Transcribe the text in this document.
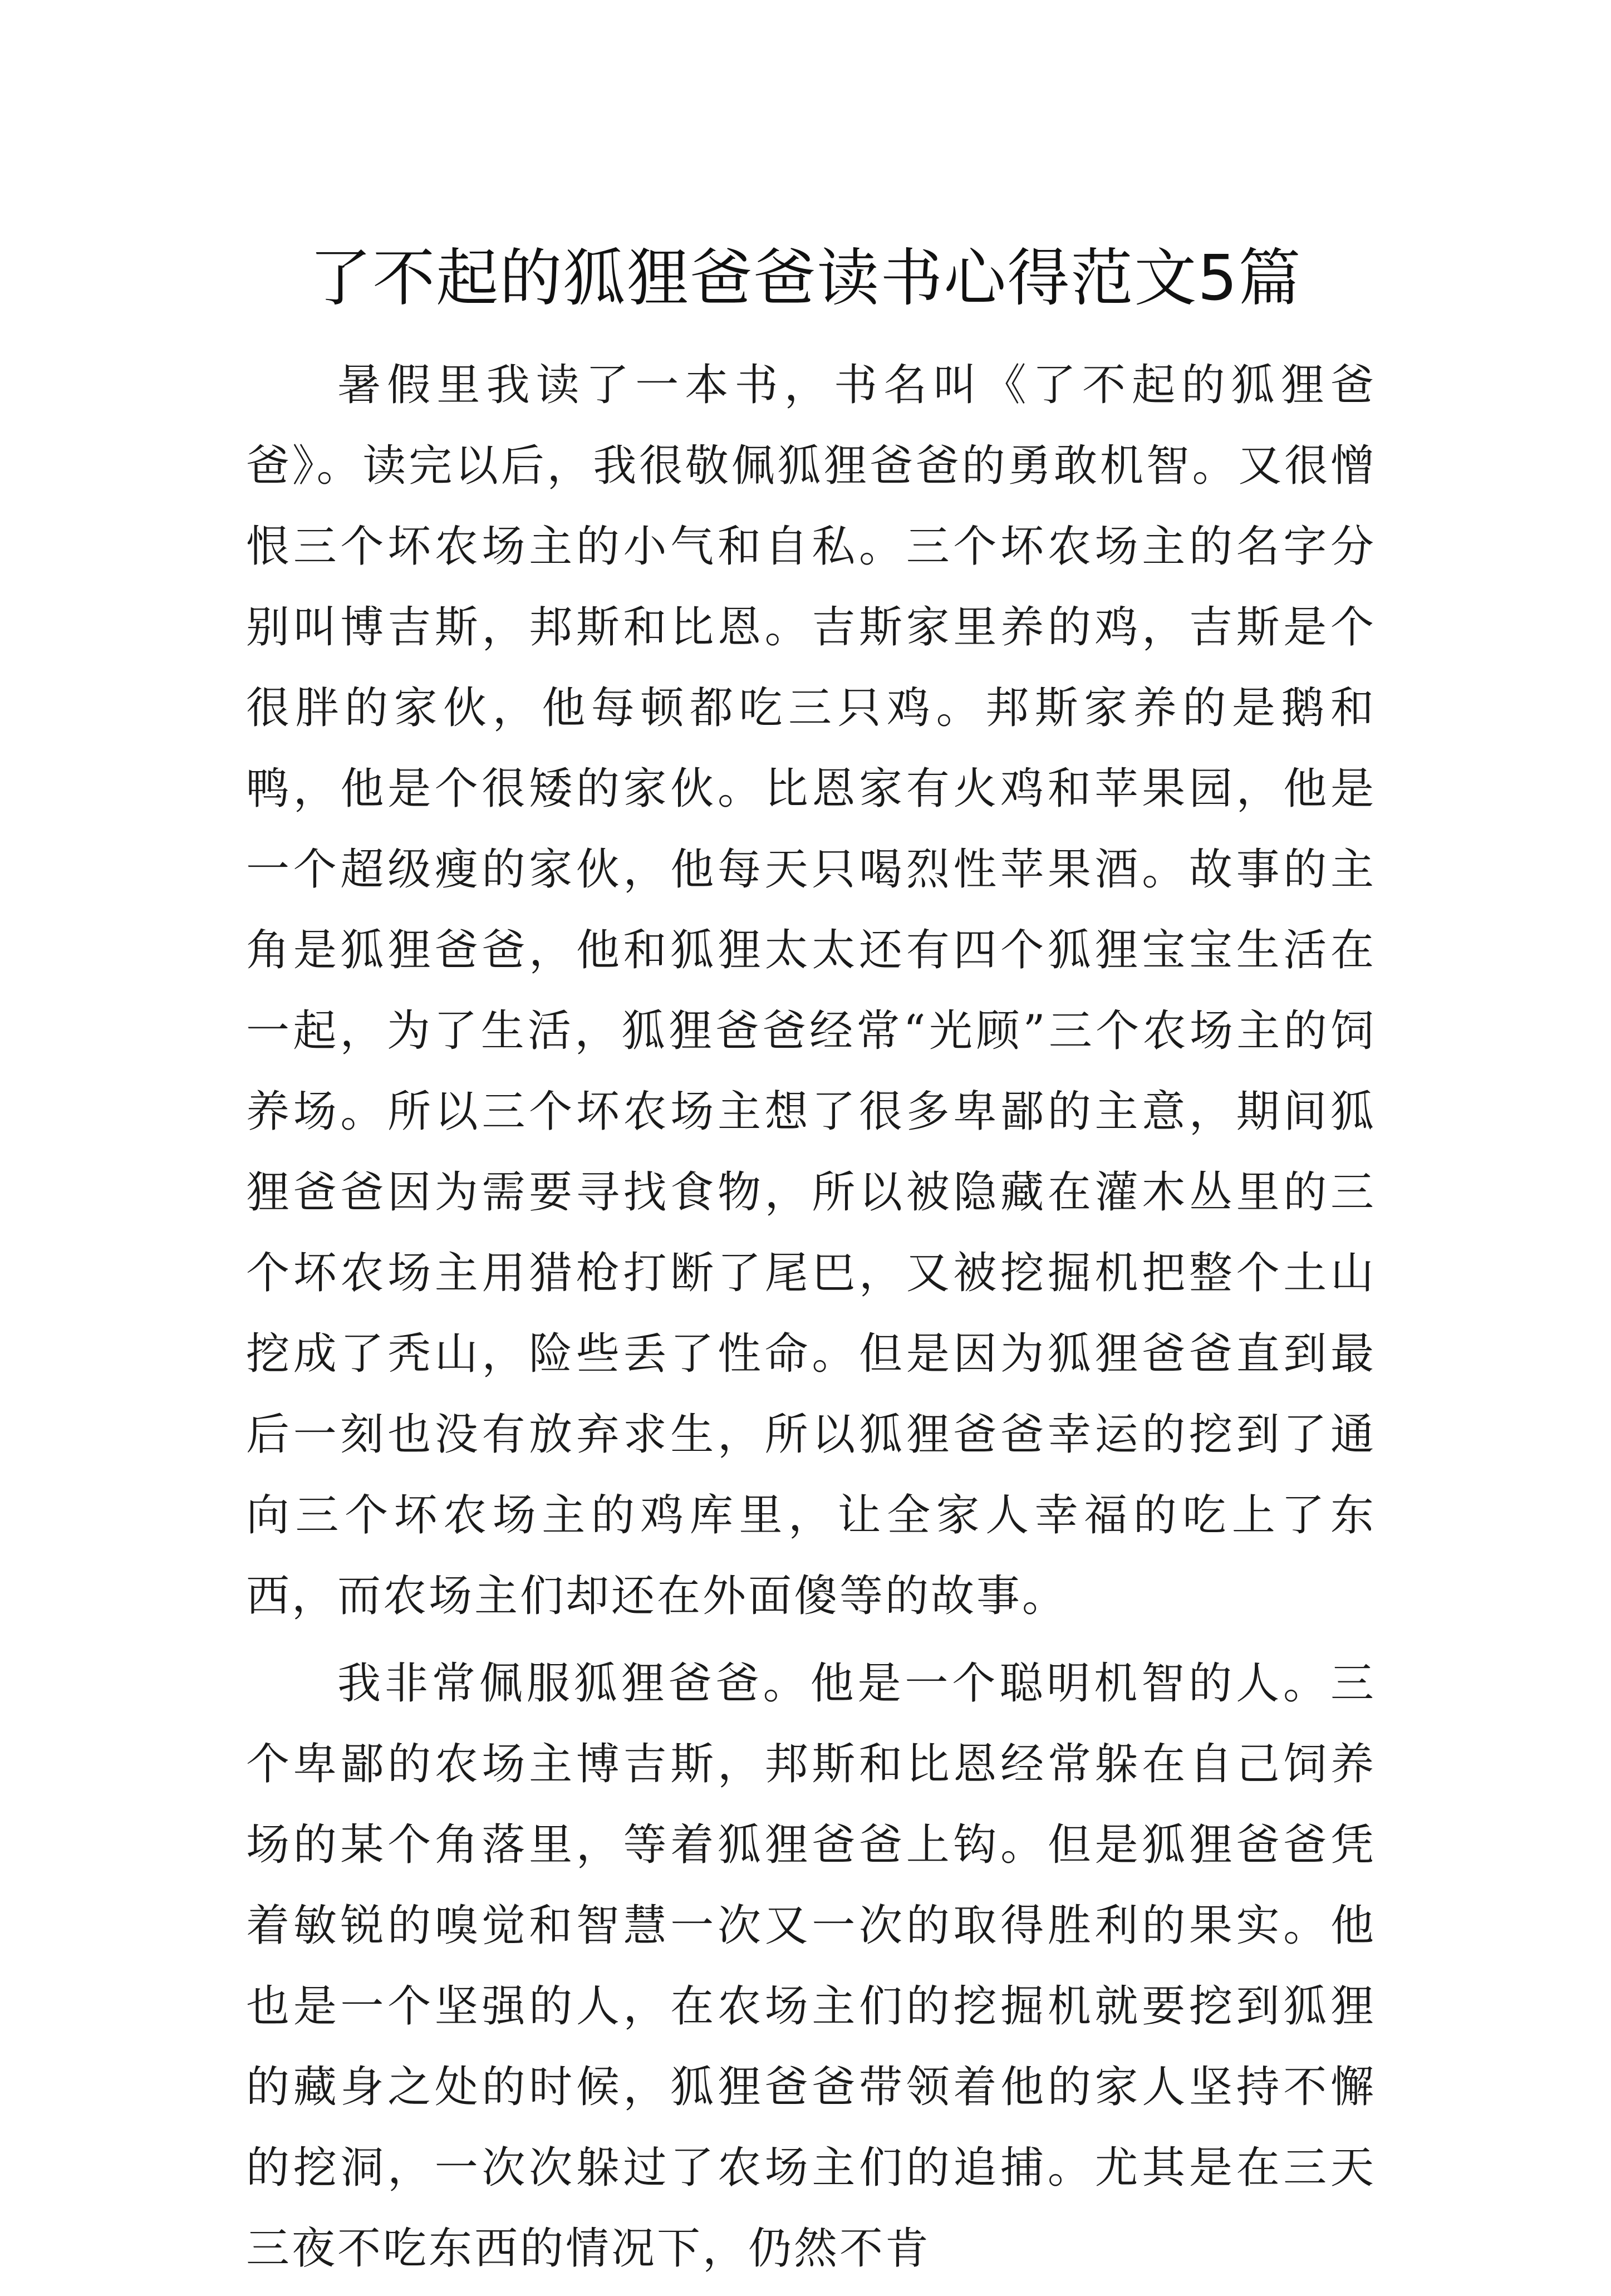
了不起的狐狸爸爸读书心得范文5篇

暑假里我读了一本书，书名叫《了不起的狐狸爸爸》。读完以后，我很敬佩狐狸爸爸的勇敢机智。又很憎恨三个坏农场主的小气和自私。三个坏农场主的名字分别叫博吉斯，邦斯和比恩。吉斯家里养的鸡，吉斯是个很胖的家伙，他每顿都吃三只鸡。邦斯家养的是鹅和鸭，他是个很矮的家伙。比恩家有火鸡和苹果园，他是一个超级瘦的家伙，他每天只喝烈性苹果酒。故事的主角是狐狸爸爸，他和狐狸太太还有四个狐狸宝宝生活在一起，为了生活，狐狸爸爸经常“光顾”三个农场主的饲养场。所以三个坏农场主想了很多卑鄙的主意，期间狐狸爸爸因为需要寻找食物，所以被隐藏在灌木丛里的三个坏农场主用猎枪打断了尾巴，又被挖掘机把整个土山挖成了秃山，险些丢了性命。但是因为狐狸爸爸直到最后一刻也没有放弃求生，所以狐狸爸爸幸运的挖到了通向三个坏农场主的鸡库里，让全家人幸福的吃上了东西，而农场主们却还在外面傻等的故事。

我非常佩服狐狸爸爸。他是一个聪明机智的人。三个卑鄙的农场主博吉斯，邦斯和比恩经常躲在自己饲养场的某个角落里，等着狐狸爸爸上钩。但是狐狸爸爸凭着敏锐的嗅觉和智慧一次又一次的取得胜利的果实。他也是一个坚强的人，在农场主们的挖掘机就要挖到狐狸的藏身之处的时候，狐狸爸爸带领着他的家人坚持不懈的挖洞，一次次躲过了农场主们的追捕。尤其是在三天三夜不吃东西的情况下，仍然不肯
